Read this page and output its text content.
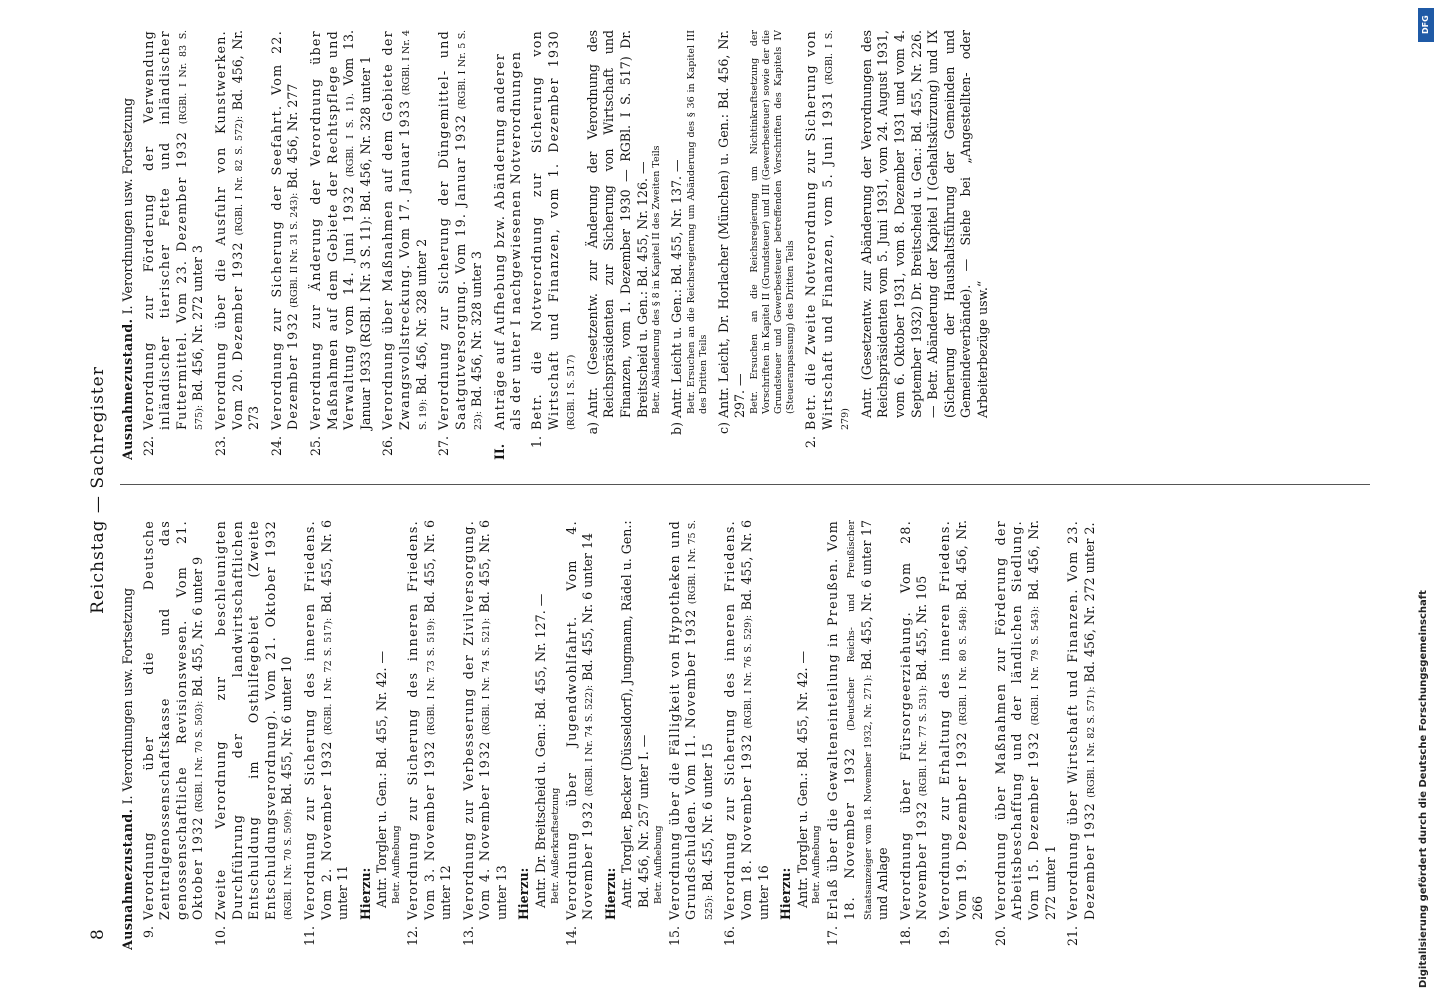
8
Reichstag — Sachregister
Ausnahmezustand. I. Verordnungen usw. Fortsetzung
9.
Verordnung über die Deutsche Zentralgenossenschaftskasse und das genossenschaftliche Revisionswesen. Vom 21. Oktober 1932 (RGBl. I Nr. 70 S. 503): Bd. 455, Nr. 6 unter 9
10.
Zweite Verordnung zur beschleunigten Durchführung der landwirtschaftlichen Entschuldung im Osthilfegebiet (Zweite Entschuldungsverordnung). Vom 21. Oktober 1932 (RGBl. I Nr. 70 S. 509): Bd. 455, Nr. 6 unter 10
11.
Verordnung zur Sicherung des inneren Friedens. Vom 2. November 1932 (RGBl. I Nr. 72 S. 517): Bd. 455, Nr. 6 unter 11 Hierzu: Antr. Torgler u. Gen.: Bd. 455, Nr. 42. — Betr. Aufhebung
12.
Verordnung zur Sicherung des inneren Friedens. Vom 3. November 1932 (RGBl. I Nr. 73 S. 519): Bd. 455, Nr. 6 unter 12
13.
Verordnung zur Verbesserung der Zivilversorgung. Vom 4. November 1932 (RGBl. I Nr. 74 S. 521): Bd. 455, Nr. 6 unter 13 Hierzu: Antr. Dr. Breitscheid u. Gen.: Bd. 455, Nr. 127. — Betr. Außerkraftsetzung
14.
Verordnung über Jugendwohlfahrt. Vom 4. November 1932 (RGBl. I Nr. 74 S. 522): Bd. 455, Nr. 6 unter 14
Hierzu: Antr. Torgler, Becker (Düsseldorf), Jungmann, Rädel u. Gen.: Bd. 456, Nr. 257 unter I. — Betr. Aufhebung
15.
Verordnung über die Fälligkeit von Hypotheken und Grundschulden. Vom 11. November 1932 (RGBl. I Nr. 75 S. 525): Bd. 455, Nr. 6 unter 15
16.
Verordnung zur Sicherung des inneren Friedens. Vom 18. November 1932 (RGBl. I Nr. 76 S. 529): Bd. 455, Nr. 6 unter 16 Hierzu: Antr. Torgler u. Gen.: Bd. 455, Nr. 42. — Betr. Aufhebung
17.
Erlaß über die Gewalteneinteilung in Preußen. Vom 18. November 1932 (Deutscher Reichs- und Preußischer Staatsanzeiger vom 18. November 1932, Nr. 271): Bd. 455, Nr. 6 unter 17 und Anlage
18.
Verordnung über Fürsorgeerziehung. Vom 28. November 1932 (RGBl. I Nr. 77 S. 531): Bd. 455, Nr. 105
19.
Verordnung zur Erhaltung des inneren Friedens. Vom 19. Dezember 1932 (RGBl. I Nr. 80 S. 548): Bd. 456, Nr. 266
20.
Verordnung über Maßnahmen zur Förderung der Arbeitsbeschaffung und der ländlichen Siedlung. Vom 15. Dezember 1932 (RGBl. I Nr. 79 S. 543): Bd. 456, Nr. 272 unter 1
21.
Verordnung über Wirtschaft und Finanzen. Vom 23. Dezember 1932 (RGBl. I Nr. 82 S. 571): Bd. 456, Nr. 272 unter 2.
Ausnahmezustand. I. Verordnungen usw. Fortsetzung
22.
Verordnung zur Förderung der Verwendung inländischer tierischer Fette und inländischer Futtermittel. Vom 23. Dezember 1932 (RGBl. I Nr. 83 S. 575): Bd. 456, Nr. 272 unter 3
23.
Verordnung über die Ausfuhr von Kunstwerken. Vom 20. Dezember 1932 (RGBl. I Nr. 82 S. 572): Bd. 456, Nr. 273
24.
Verordnung zur Sicherung der Seefahrt. Vom 22. Dezember 1932 (RGBl. II Nr. 31 S. 243): Bd. 456, Nr. 277
25.
Verordnung zur Änderung der Verordnung über Maßnahmen auf dem Gebiete der Rechtspflege und Verwaltung vom 14. Juni 1932 (RGBl. I S. 11). Vom 13. Januar 1933 (RGBl. I Nr. 3 S. 11): Bd. 456, Nr. 328 unter 1
26.
Verordnung über Maßnahmen auf dem Gebiete der Zwangsvollstreckung. Vom 17. Januar 1933 (RGBl. I Nr. 4 S. 19): Bd. 456, Nr. 328 unter 2
27.
Verordnung zur Sicherung der Düngemittel- und Saatgutversorgung. Vom 19. Januar 1932 (RGBl. I Nr. 5 S. 23): Bd. 456, Nr. 328 unter 3
II.
Anträge auf Aufhebung bzw. Abänderung anderer als der unter I nachgewiesenen Notverordnungen
1.
Betr. die Notverordnung zur Sicherung von Wirtschaft und Finanzen, vom 1. Dezember 1930 (RGBl. I S. 517) a)
Antr. (Gesetzentw. zur Änderung der Verordnung des Reichspräsidenten zur Sicherung von Wirtschaft und Finanzen, vom 1. Dezember 1930 — RGBl. I S. 517) Dr. Breitscheid u. Gen.: Bd. 455, Nr. 126. — Betr. Abänderung des § 8 in Kapitel II des Zweiten Teils
b)
Antr. Leicht u. Gen.: Bd. 455, Nr. 137. — Betr. Ersuchen an die Reichsregierung um Abänderung des § 36 in Kapitel III des Dritten Teils
c)
Antr. Leicht, Dr. Horlacher (München) u. Gen.: Bd. 456, Nr. 297. — Betr. Ersuchen an die Reichsregierung um Nichtinkraftsetzung der Vorschriften in Kapitel II (Grundsteuer) und III (Gewerbesteuer) sowie der die Grundsteuer und Gewerbesteuer betreffenden Vorschriften des Kapitels IV (Steueranpassung) des Dritten Teils
2.
Betr. die Zweite Notverordnung zur Sicherung von Wirtschaft und Finanzen, vom 5. Juni 1931 (RGBl. I S. 279)
Antr. (Gesetzentw. zur Abänderung der Verordnungen des Reichspräsidenten vom 5. Juni 1931, vom 24. August 1931, vom 6. Oktober 1931, vom 8. Dezember 1931 und vom 4. September 1932) Dr. Breitscheid u. Gen.: Bd. 455, Nr. 226. — Betr. Abänderung der Kapitel I (Gehaltskürzung) und IX (Sicherung der Haushaltsführung der Gemeinden und Gemeindeverbände). — Siehe bei „Angestellten- oder Arbeiterbezüge usw.“
DFG
Digitalisierung gefördert durch die Deutsche Forschungsgemeinschaft
